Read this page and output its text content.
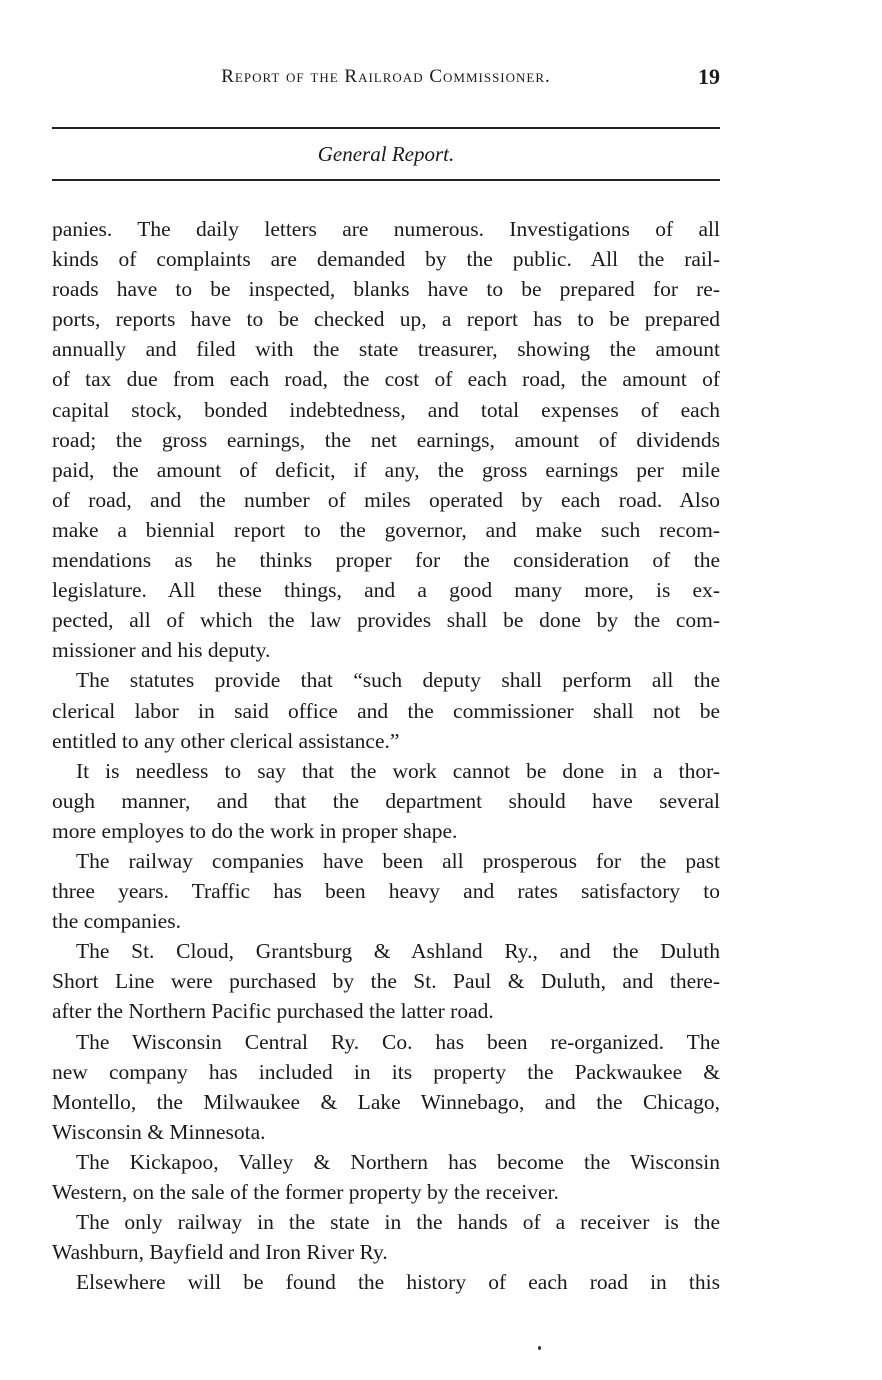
Report of the Railroad Commissioner.	19
General Report.
panies. The daily letters are numerous. Investigations of all
kinds of complaints are demanded by the public. All the rail-
roads have to be inspected, blanks have to be prepared for re-
ports, reports have to be checked up, a report has to be prepared
annually and filed with the state treasurer, showing the amount
of tax due from each road, the cost of each road, the amount of
capital stock, bonded indebtedness, and total expenses of each
road; the gross earnings, the net earnings, amount of dividends
paid, the amount of deficit, if any, the gross earnings per mile
of road, and the number of miles operated by each road. Also
make a biennial report to the governor, and make such recom-
mendations as he thinks proper for the consideration of the
legislature. All these things, and a good many more, is ex-
pected, all of which the law provides shall be done by the com-
missioner and his deputy.
The statutes provide that “such deputy shall perform all the
clerical labor in said office and the commissioner shall not be
entitled to any other clerical assistance.”
It is needless to say that the work cannot be done in a thor-
ough manner, and that the department should have several
more employes to do the work in proper shape.
The railway companies have been all prosperous for the past
three years. Traffic has been heavy and rates satisfactory to
the companies.
The St. Cloud, Grantsburg & Ashland Ry., and the Duluth
Short Line were purchased by the St. Paul & Duluth, and there-
after the Northern Pacific purchased the latter road.
The Wisconsin Central Ry. Co. has been re-organized. The
new company has included in its property the Packwaukee &
Montello, the Milwaukee & Lake Winnebago, and the Chicago,
Wisconsin & Minnesota.
The Kickapoo, Valley & Northern has become the Wisconsin
Western, on the sale of the former property by the receiver.
The only railway in the state in the hands of a receiver is the
Washburn, Bayfield and Iron River Ry.
Elsewhere will be found the history of each road in this
